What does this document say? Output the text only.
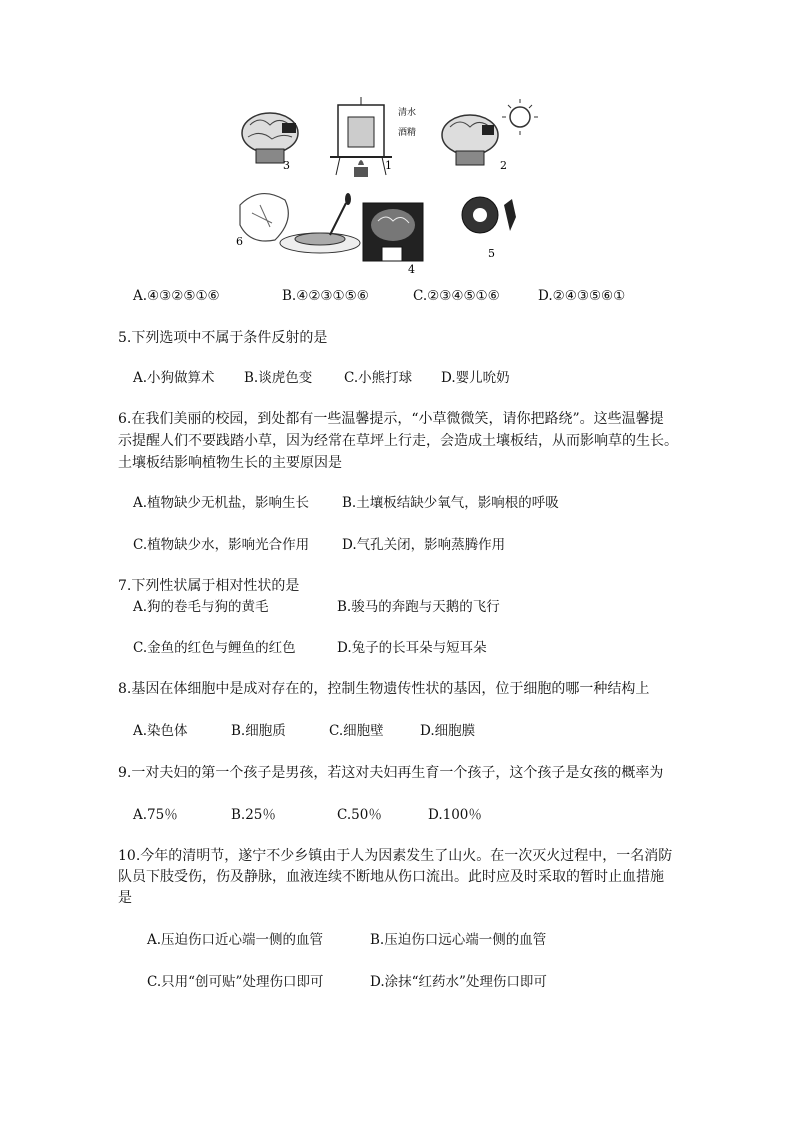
3	1	2
6
4
5
清水
酒精
A.④③②⑤①⑥	B.④②③①⑤⑥	C.②③④⑤①⑥	D.②④③⑤⑥①
5.下列选项中不属于条件反射的是
A.小狗做算术 B.谈虎色变 C.小熊打球 D.婴儿吮奶
6.在我们美丽的校园，到处都有一些温馨提示，“小草微微笑，请你把路绕”。这些温馨提
示提醒人们不要践踏小草，因为经常在草坪上行走，会造成土壤板结，从而影响草的生长。
土壤板结影响植物生长的主要原因是
A.植物缺少无机盐，影响生长 B.土壤板结缺少氧气，影响根的呼吸
C.植物缺少水，影响光合作用 D.气孔关闭，影响蒸腾作用
7.下列性状属于相对性状的是
A.狗的卷毛与狗的黄毛	B.骏马的奔跑与天鹅的飞行
C.金鱼的红色与鲤鱼的红色	D.兔子的长耳朵与短耳朵
8.基因在体细胞中是成对存在的，控制生物遗传性状的基因，位于细胞的哪一种结构上
A.染色体	B.细胞质	C.细胞壁	D.细胞膜
9.一对夫妇的第一个孩子是男孩，若这对夫妇再生育一个孩子，这个孩子是女孩的概率为
A.75％	B.25％	C.50％	D.100％
10.今年的清明节，遂宁不少乡镇由于人为因素发生了山火。在一次灭火过程中，一名消防
队员下肢受伤，伤及静脉，血液连续不断地从伤口流出。此时应及时采取的暂时止血措施
是
A.压迫伤口近心端一侧的血管	B.压迫伤口远心端一侧的血管
C.只用“创可贴”处理伤口即可	D.涂抹“红药水”处理伤口即可
